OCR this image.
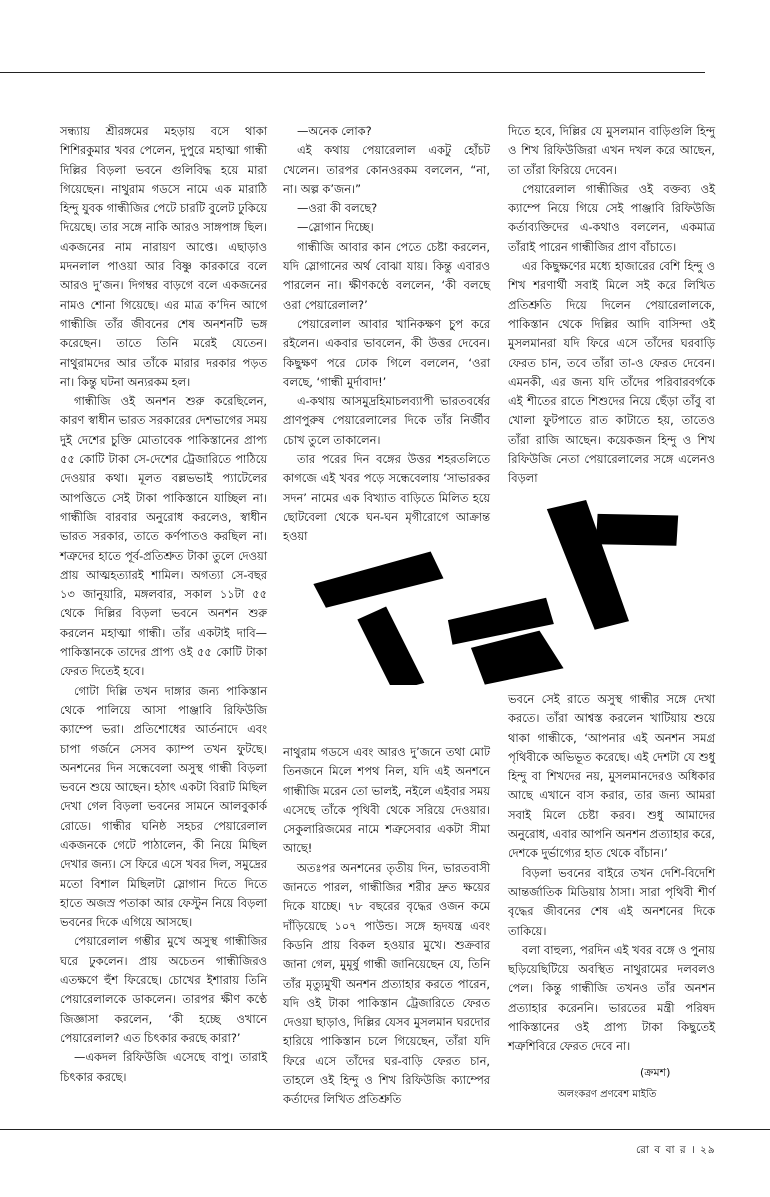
সন্ধ্যায় শ্রীরঙ্গমের মহড়ায় বসে থাকা শিশিরকুমার খবর পেলেন, দুপুরে মহাত্মা গান্ধী দিল্লির বিড়লা ভবনে গুলিবিদ্ধ হয়ে মারা গিয়েছেন। নাথুরাম গডসে নামে এক মারাঠি হিন্দু যুবক গান্ধীজির পেটে চারটি বুলেট ঢুকিয়ে দিয়েছে। তার সঙ্গে নাকি আরও সাঙ্গপাঙ্গ ছিল। একজনের নাম নারায়ণ আপ্তে। এছাড়াও মদনলাল পাওয়া আর বিষ্ণু কারকারে বলে আরও দু’জন। দিগম্বর বাড়গে বলে একজনের নামও শোনা গিয়েছে। এর মাত্র ক’দিন আগে গান্ধীজি তাঁর জীবনের শেষ অনশনটি ভঙ্গ করেছেন। তাতে তিনি মরেই যেতেন। নাথুরামদের আর তাঁকে মারার দরকার পড়ত না। কিন্তু ঘটনা অন্যরকম হল।

গান্ধীজি ওই অনশন শুরু করেছিলেন, কারণ স্বাধীন ভারত সরকারের দেশভাগের সময় দুই দেশের চুক্তি মোতাবেক পাকিস্তানের প্রাপ্য ৫৫ কোটি টাকা সে-দেশের ট্রেজারিতে পাঠিয়ে দেওয়ার কথা। মূলত বল্লভভাই প্যাটেলের আপত্তিতে সেই টাকা পাকিস্তানে যাচ্ছিল না। গান্ধীজি বারবার অনুরোধ করলেও, স্বাধীন ভারত সরকার, তাতে কর্ণপাতও করছিল না। শত্রুদের হাতে পূর্ব-প্রতিশ্রুত টাকা তুলে দেওয়া প্রায় আত্মহত্যারই শামিল। অগত্যা সে-বছর ১৩ জানুয়ারি, মঙ্গলবার, সকাল ১১টা ৫৫ থেকে দিল্লির বিড়লা ভবনে অনশন শুরু করলেন মহাত্মা গান্ধী। তাঁর একটাই দাবি— পাকিস্তানকে তাদের প্রাপ্য ওই ৫৫ কোটি টাকা ফেরত দিতেই হবে।

গোটা দিল্লি তখন দাঙ্গার জন্য পাকিস্তান থেকে পালিয়ে আসা পাঞ্জাবি রিফিউজি ক্যাম্পে ভরা। প্রতিশোধের আর্তনাদে এবং চাপা গর্জনে সেসব ক্যাম্প তখন ফুটছে। অনশনের দিন সন্ধেবেলা অসুস্থ গান্ধী বিড়লা ভবনে শুয়ে আছেন। হঠাৎ একটা বিরাট মিছিল দেখা গেল বিড়লা ভবনের সামনে আলবুকার্ক রোডে। গান্ধীর ঘনিষ্ঠ সহচর পেয়ারেলাল একজনকে গেটে পাঠালেন, কী নিয়ে মিছিল দেখার জন্য। সে ফিরে এসে খবর দিল, সমুদ্রের মতো বিশাল মিছিলটা স্লোগান দিতে দিতে হাতে অজস্র পতাকা আর ফেস্টুন নিয়ে বিড়লা ভবনের দিকে এগিয়ে আসছে।

পেয়ারেলাল গম্ভীর মুখে অসুস্থ গান্ধীজির ঘরে ঢুকলেন। প্রায় অচেতন গান্ধীজিরও এতক্ষণে হুঁশ ফিরেছে। চোখের ইশারায় তিনি পেয়ারেলালকে ডাকলেন। তারপর ক্ষীণ কণ্ঠে জিজ্ঞাসা করলেন, ‘কী হচ্ছে ওখানে পেয়ারেলাল? এত চিৎকার করছে কারা?’

—একদল রিফিউজি এসেছে বাপু। তারাই চিৎকার করছে।

—অনেক লোক?

এই কথায় পেয়ারেলাল একটু হোঁচট খেলেন। তারপর কোনওরকম বললেন, “না, না। অল্প ক’জন।”

—ওরা কী বলছে?

—স্লোগান দিচ্ছে।

গান্ধীজি আবার কান পেতে চেষ্টা করলেন, যদি স্লোগানের অর্থ বোঝা যায়। কিন্তু এবারও পারলেন না। ক্ষীণকণ্ঠে বললেন, ‘কী বলছে ওরা পেয়ারেলাল?’

পেয়ারেলাল আবার খানিকক্ষণ চুপ করে রইলেন। একবার ভাবলেন, কী উত্তর দেবেন। কিছুক্ষণ পরে ঢোক গিলে বললেন, ‘ওরা বলছে, ‘গান্ধী মুর্দাবাদ!’

এ-কথায় আসমুদ্রহিমাচলব্যাপী ভারতবর্ষের প্রাণপুরুষ পেয়ারেলালের দিকে তাঁর নির্জীব চোখ তুলে তাকালেন।

তার পরের দিন বঙ্গের উত্তর শহরতলিতে কাগজে এই খবর পড়ে সন্ধেবেলায় ‘সাভারকর সদন’ নামের এক বিখ্যাত বাড়িতে মিলিত হয়ে ছোটবেলা থেকে ঘন-ঘন মৃগীরোগে আক্রান্ত হওয়া

নাথুরাম গডসে এবং আরও দু’জনে তথা মোট তিনজনে মিলে শপথ নিল, যদি এই অনশনে গান্ধীজি মরেন তো ভালই, নইলে এইবার সময় এসেছে তাঁকে পৃথিবী থেকে সরিয়ে দেওয়ার। সেকুলারিজমের নামে শত্রুসেবার একটা সীমা আছে!

অতঃপর অনশনের তৃতীয় দিন, ভারতবাসী জানতে পারল, গান্ধীজির শরীর দ্রুত ক্ষয়ের দিকে যাচ্ছে। ৭৮ বছরের বৃদ্ধের ওজন কমে দাঁড়িয়েছে ১০৭ পাউন্ড। সঙ্গে হৃদযন্ত্র এবং কিডনি প্রায় বিকল হওয়ার মুখে। শুক্রবার জানা গেল, মুমূর্ষু গান্ধী জানিয়েছেন যে, তিনি তাঁর মৃত্যুমুখী অনশন প্রত্যাহার করতে পারেন, যদি ওই টাকা পাকিস্তান ট্রেজারিতে ফেরত দেওয়া ছাড়াও, দিল্লির যেসব মুসলমান ঘরদোর হারিয়ে পাকিস্তান চলে গিয়েছেন, তাঁরা যদি ফিরে এসে তাঁদের ঘর-বাড়ি ফেরত চান, তাহলে ওই হিন্দু ও শিখ রিফিউজি ক্যাম্পের কর্তাদের লিখিত প্রতিশ্রুতি

দিতে হবে, দিল্লির যে মুসলমান বাড়িগুলি হিন্দু ও শিখ রিফিউজিরা এখন দখল করে আছেন, তা তাঁরা ফিরিয়ে দেবেন।

পেয়ারেলাল গান্ধীজির ওই বক্তব্য ওই ক্যাম্পে নিয়ে গিয়ে সেই পাঞ্জাবি রিফিউজি কর্তাব্যক্তিদের এ-কথাও বললেন, একমাত্র তাঁরাই পারেন গান্ধীজির প্রাণ বাঁচাতে।

এর কিছুক্ষণের মধ্যে হাজারের বেশি হিন্দু ও শিখ শরণার্থী সবাই মিলে সই করে লিখিত প্রতিশ্রুতি দিয়ে দিলেন পেয়ারেলালকে, পাকিস্তান থেকে দিল্লির আদি বাসিন্দা ওই মুসলমানরা যদি ফিরে এসে তাঁদের ঘরবাড়ি ফেরত চান, তবে তাঁরা তা-ও ফেরত দেবেন। এমনকী, এর জন্য যদি তাঁদের পরিবারবর্গকে এই শীতের রাতে শিশুদের নিয়ে ছেঁড়া তাঁবু বা খোলা ফুটপাতে রাত কাটাতে হয়, তাতেও তাঁরা রাজি আছেন। কয়েকজন হিন্দু ও শিখ রিফিউজি নেতা পেয়ারেলালের সঙ্গে এলেনও বিড়লা

ভবনে সেই রাতে অসুস্থ গান্ধীর সঙ্গে দেখা করতে। তাঁরা আশ্বস্ত করলেন খাটিয়ায় শুয়ে থাকা গান্ধীকে, ‘আপনার এই অনশন সমগ্র পৃথিবীকে অভিভূত করেছে। এই দেশটা যে শুধু হিন্দু বা শিখদের নয়, মুসলমানদেরও অধিকার আছে এখানে বাস করার, তার জন্য আমরা সবাই মিলে চেষ্টা করব। শুধু আমাদের অনুরোধ, এবার আপনি অনশন প্রত্যাহার করে, দেশকে দুর্ভাগ্যের হাত থেকে বাঁচান।’

বিড়লা ভবনের বাইরে তখন দেশি-বিদেশি আন্তর্জাতিক মিডিয়ায় ঠাসা। সারা পৃথিবী শীর্ণ বৃদ্ধের জীবনের শেষ এই অনশনের দিকে তাকিয়ে।

বলা বাহুল্য, পরদিন এই খবর বঙ্গে ও পুনায় ছড়িয়েছিটিয়ে অবস্থিত নাথুরামের দলবলও পেল। কিন্তু গান্ধীজি তখনও তাঁর অনশন প্রত্যাহার করেননি। ভারতের মন্ত্রী পরিষদ পাকিস্তানের ওই প্রাপ্য টাকা কিছুতেই শত্রুশিবিরে ফেরত দেবে না।

(ক্রমশ)
অলংকরণ প্রণবেশ মাইতি
রো ব বা র । ২৯
